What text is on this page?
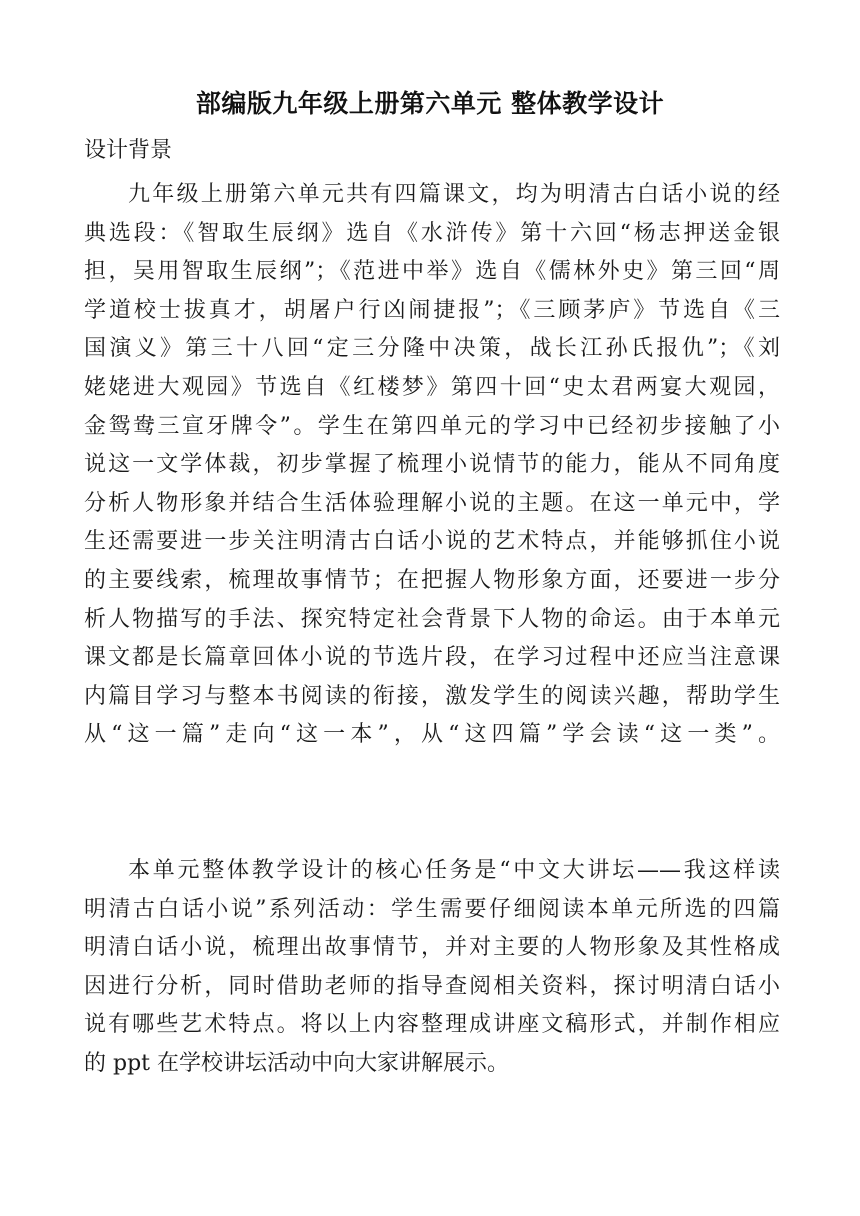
部编版九年级上册第六单元 整体教学设计
设计背景
九年级上册第六单元共有四篇课文，均为明清古白话小说的经
典选段：《智取生辰纲》选自《水浒传》第十六回“杨志押送金银
担，吴用智取生辰纲”；《范进中举》选自《儒林外史》第三回“周
学道校士拔真才，胡屠户行凶闹捷报”；《三顾茅庐》节选自《三
国演义》第三十八回“定三分隆中决策，战长江孙氏报仇”；《刘
姥姥进大观园》节选自《红楼梦》第四十回“史太君两宴大观园，
金鸳鸯三宣牙牌令”。学生在第四单元的学习中已经初步接触了小
说这一文学体裁，初步掌握了梳理小说情节的能力，能从不同角度
分析人物形象并结合生活体验理解小说的主题。在这一单元中，学
生还需要进一步关注明清古白话小说的艺术特点，并能够抓住小说
的主要线索，梳理故事情节；在把握人物形象方面，还要进一步分
析人物描写的手法、探究特定社会背景下人物的命运。由于本单元
课文都是长篇章回体小说的节选片段，在学习过程中还应当注意课
内篇目学习与整本书阅读的衔接，激发学生的阅读兴趣，帮助学生
从“这一篇”走向“这一本”，从“这四篇”学会读“这一类”。
本单元整体教学设计的核心任务是“中文大讲坛——我这样读
明清古白话小说”系列活动：学生需要仔细阅读本单元所选的四篇
明清白话小说，梳理出故事情节，并对主要的人物形象及其性格成
因进行分析，同时借助老师的指导查阅相关资料，探讨明清白话小
说有哪些艺术特点。将以上内容整理成讲座文稿形式，并制作相应
的 ppt 在学校讲坛活动中向大家讲解展示。
